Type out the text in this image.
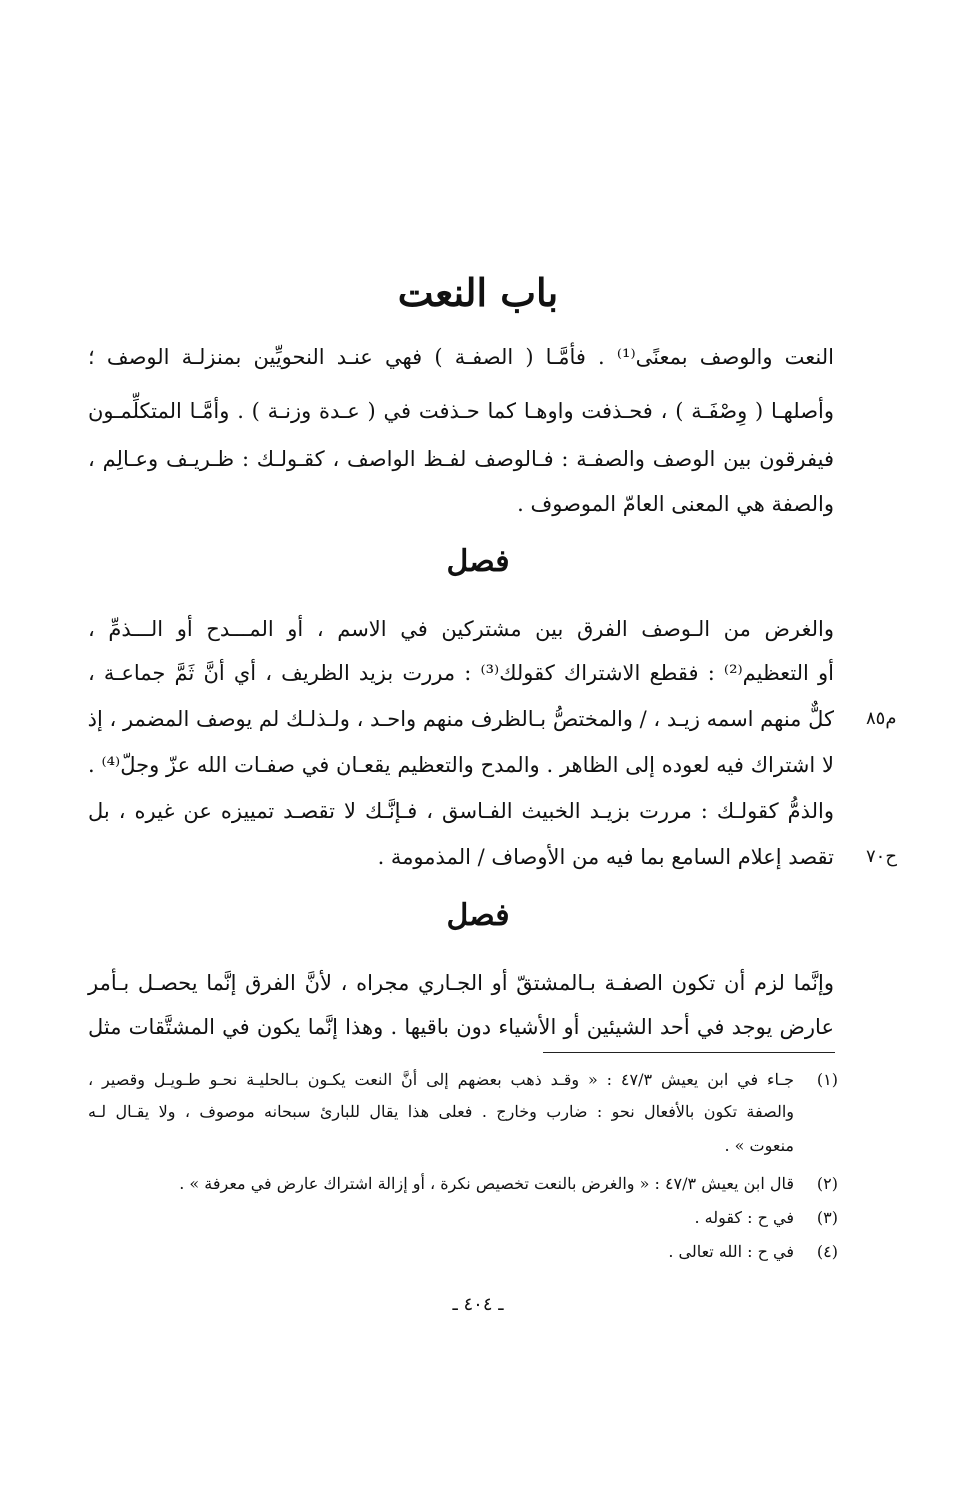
باب النعت
النعت والوصف بمعنًى⁽¹⁾ . فأمَّـا ( الصفـة ) فهي عنـد النحويِّين بمنزلـة الوصف ؛
وأصلهـا ( وِصْفَـة ) ، فحـذفت واوهـا كما حـذفت في ( عـدة وزنـة ) . وأمَّـا المتكلِّمـون
فيفرقون بين الوصف والصفـة : فـالوصف لفـظ الواصف ، كقـولـك : ظـريـف وعـالِم ،
والصفة هي المعنى العامّ الموصوف .
فصل
والغرض من الـوصف الفرق بين مشتركين في الاسم ، أو المـــدح أو الـــذمِّ ،
أو التعظيم⁽²⁾ : فقطع الاشتراك كقولك⁽³⁾ : مررت بزيد الظريف ، أي أنَّ ثَمَّ جماعـة ،
كلٌّ منهم اسمه زيـد ، / والمختصُّ بـالظرف منهم واحـد ، ولـذلـك لم يوصف المضمر ، إذ م٨٥
لا اشتراك فيه لعوده إلى الظاهر . والمدح والتعظيم يقعـان في صفـات الله عزّ وجلّ⁽⁴⁾ .
والذمُّ كقولـك : مررت بزيـد الخبيث الفـاسق ، فـإنَّـك لا تقصـد تمييزه عن غيره ، بل
تقصد إعلام السامع بما فيه من الأوصاف / المذمومة . ح٧٠
فصل
وإنَّما لزم أن تكون الصفـة بـالمشتقّ أو الجـاري مجراه ، لأنَّ الفرق إنَّما يحصـل بـأمر
عارض يوجد في أحد الشيئين أو الأشياء دون باقيها . وهذا إنَّما يكون في المشتَّقات مثل
(١)
جـاء في ابن يعيش ٤٧/٣ : « وقـد ذهب بعضهم إلى أنَّ النعت يكـون بـالحليـة نحـو طـويـل وقصير ،
والصفة تكون بالأفعال نحو : ضارب وخارج . فعلى هذا يقال للبارئ سبحانه موصوف ، ولا يقـال لـه
منعوت » .
(٢)
قال ابن يعيش ٤٧/٣ : « والغرض بالنعت تخصيص نكرة ، أو إزالة اشتراك عارض في معرفة » .
(٣)
في ح : كقوله .
(٤)
في ح : الله تعالى .
ـ ٤٠٤ ـ
